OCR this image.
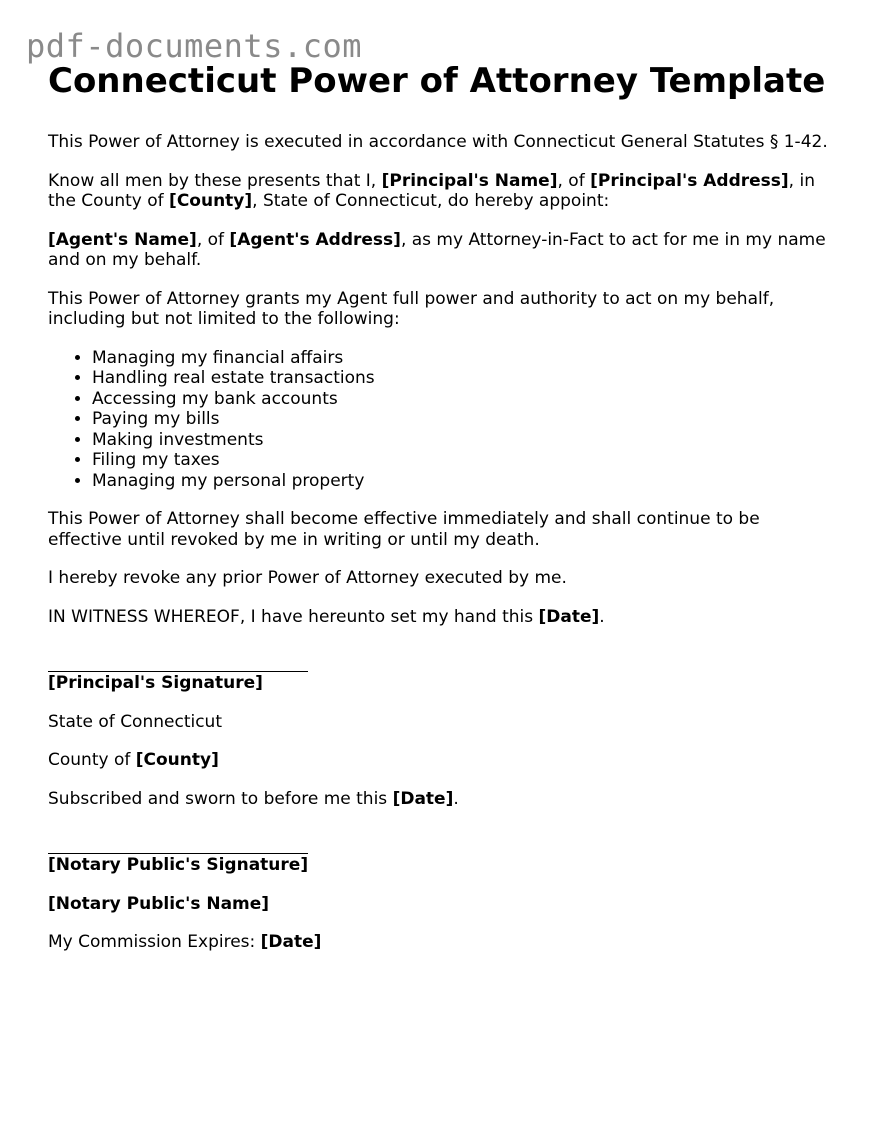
pdf-documents.com
Connecticut Power of Attorney Template

This Power of Attorney is executed in accordance with Connecticut General Statutes § 1-42.

Know all men by these presents that I, [Principal's Name], of [Principal's Address], in the County of [County], State of Connecticut, do hereby appoint:

[Agent's Name], of [Agent's Address], as my Attorney-in-Fact to act for me in my name and on my behalf.

This Power of Attorney grants my Agent full power and authority to act on my behalf, including but not limited to the following:

• Managing my financial affairs
• Handling real estate transactions
• Accessing my bank accounts
• Paying my bills
• Making investments
• Filing my taxes
• Managing my personal property

This Power of Attorney shall become effective immediately and shall continue to be effective until revoked by me in writing or until my death.

I hereby revoke any prior Power of Attorney executed by me.

IN WITNESS WHEREOF, I have hereunto set my hand this [Date].

[Principal's Signature]

State of Connecticut

County of [County]

Subscribed and sworn to before me this [Date].

[Notary Public's Signature]

[Notary Public's Name]

My Commission Expires: [Date]
